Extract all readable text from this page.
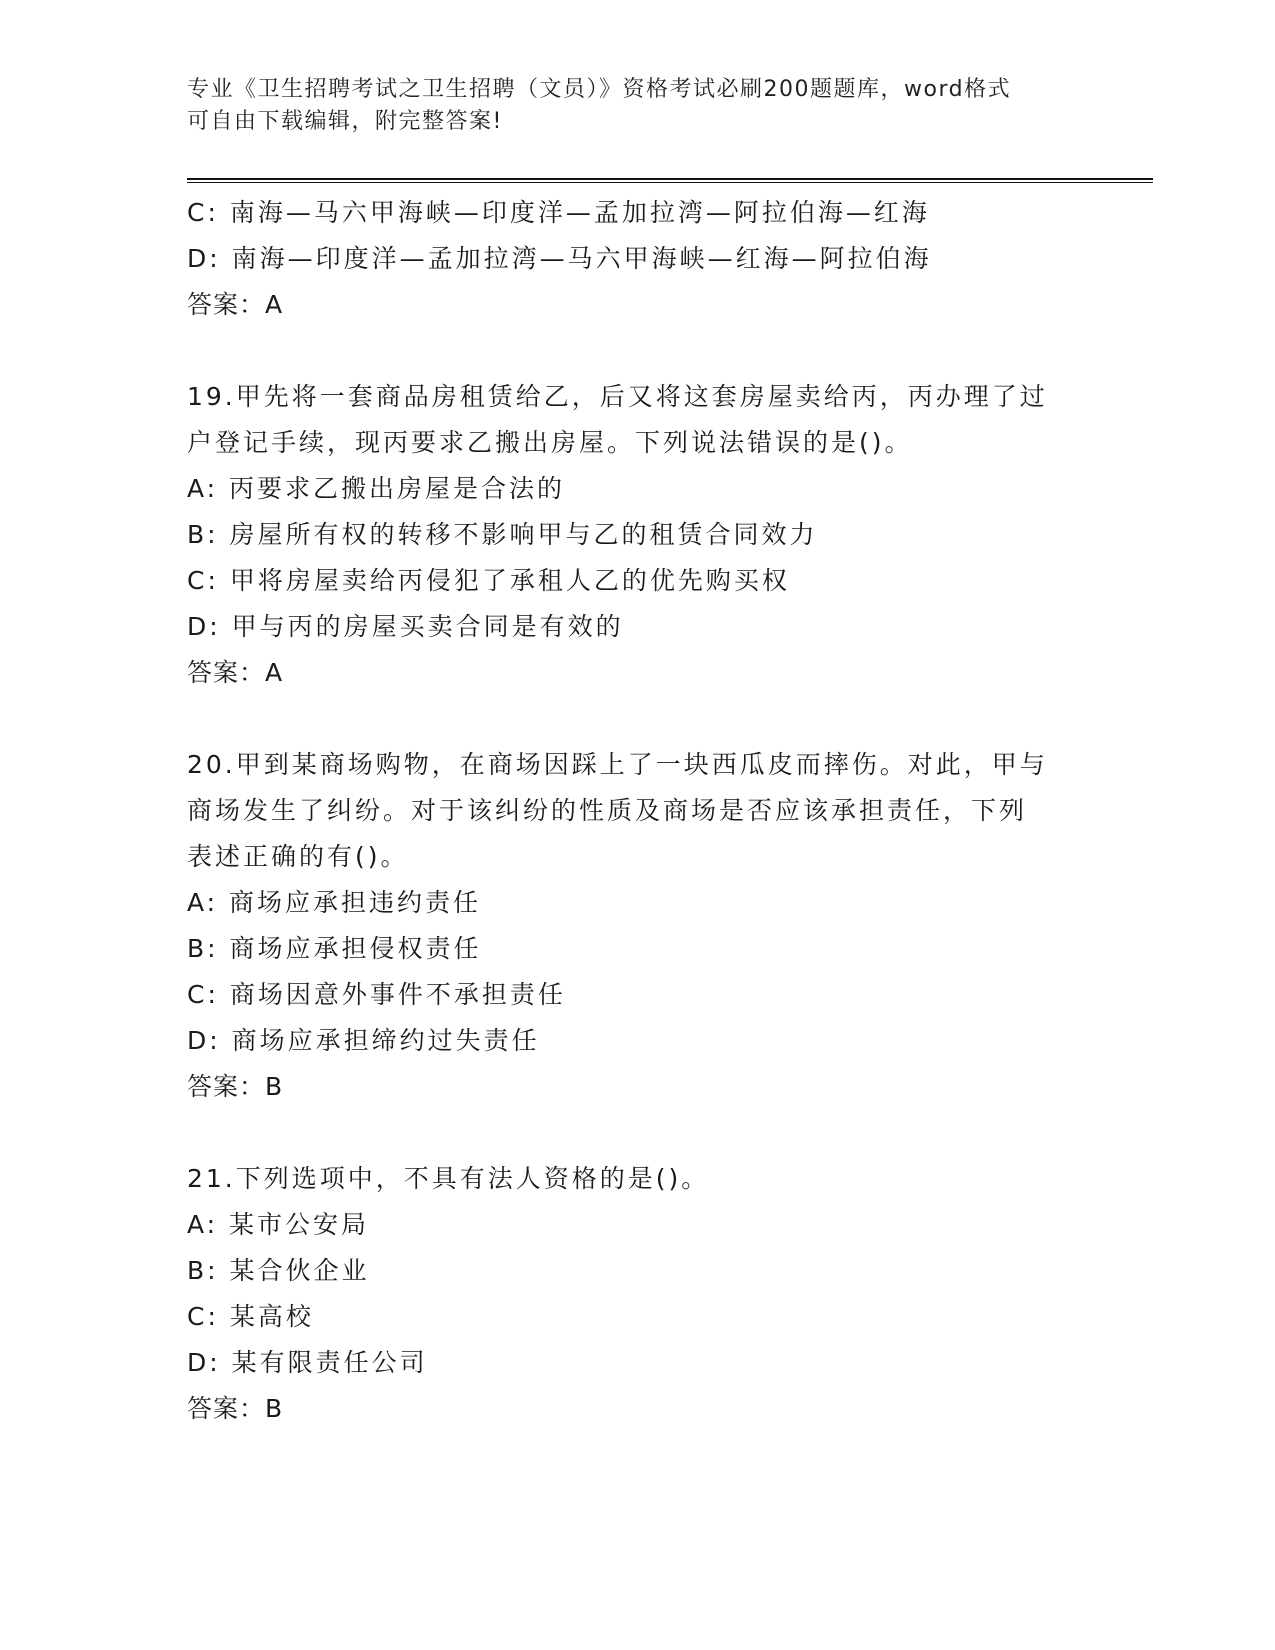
专业《卫生招聘考试之卫生招聘（文员）》资格考试必刷200题题库，word格式
可自由下载编辑，附完整答案!
C: 南海—马六甲海峡—印度洋—孟加拉湾—阿拉伯海—红海
D: 南海—印度洋—孟加拉湾—马六甲海峡—红海—阿拉伯海
答案：A
19.甲先将一套商品房租赁给乙，后又将这套房屋卖给丙，丙办理了过
户登记手续，现丙要求乙搬出房屋。下列说法错误的是()。
A: 丙要求乙搬出房屋是合法的
B: 房屋所有权的转移不影响甲与乙的租赁合同效力
C: 甲将房屋卖给丙侵犯了承租人乙的优先购买权
D: 甲与丙的房屋买卖合同是有效的
答案：A
20.甲到某商场购物，在商场因踩上了一块西瓜皮而摔伤。对此，甲与
商场发生了纠纷。对于该纠纷的性质及商场是否应该承担责任，下列
表述正确的有()。
A: 商场应承担违约责任
B: 商场应承担侵权责任
C: 商场因意外事件不承担责任
D: 商场应承担缔约过失责任
答案：B
21.下列选项中，不具有法人资格的是()。
A: 某市公安局
B: 某合伙企业
C: 某高校
D: 某有限责任公司
答案：B
